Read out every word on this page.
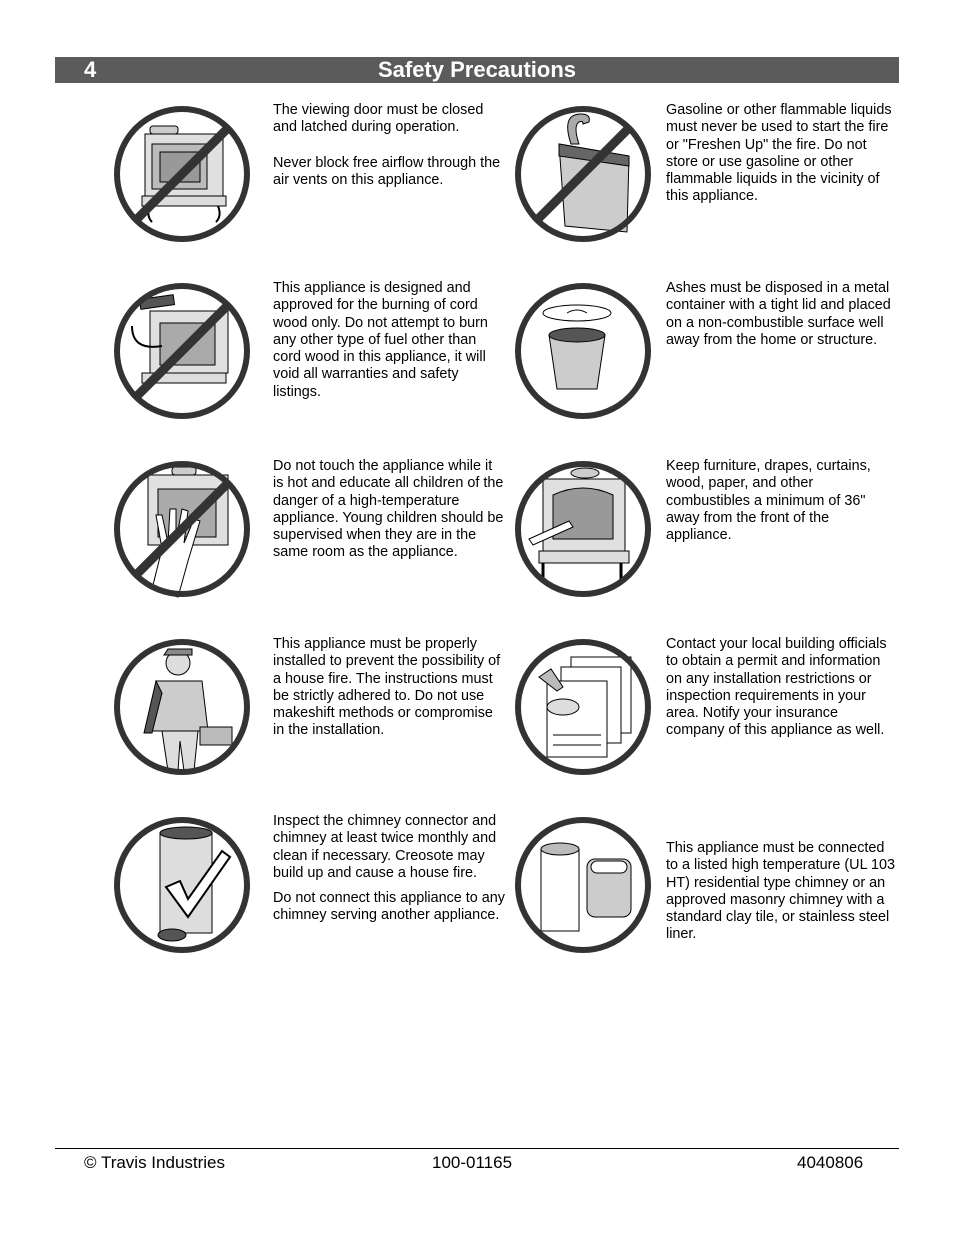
4	Safety Precautions

The viewing door must be closed and latched during operation.

Never block free airflow through the air vents on this appliance.

Gasoline or other flammable liquids must never be used to start the fire or "Freshen Up" the fire. Do not store or use gasoline or other flammable liquids in the vicinity of this appliance.

This appliance is designed and approved for the burning of cord wood only. Do not attempt to burn any other type of fuel other than cord wood in this appliance, it will void all warranties and safety listings.

Ashes must be disposed in a metal container with a tight lid and placed on a non-combustible surface well away from the home or structure.

Do not touch the appliance while it is hot and educate all children of the danger of a high-temperature appliance. Young children should be supervised when they are in the same room as the appliance.

Keep furniture, drapes, curtains, wood, paper, and other combustibles a minimum of 36" away from the front of the appliance.

This appliance must be properly installed to prevent the possibility of a house fire. The instructions must be strictly adhered to. Do not use makeshift methods or compromise in the installation.

Contact your local building officials to obtain a permit and information on any installation restrictions or inspection requirements in your area. Notify your insurance company of this appliance as well.

Inspect the chimney connector and chimney at least twice monthly and clean if necessary. Creosote may build up and cause a house fire.

Do not connect this appliance to any chimney serving another appliance.

This appliance must be connected to a listed high temperature (UL 103 HT) residential type chimney or an approved masonry chimney with a standard clay tile, or stainless steel liner.

© Travis Industries	100-01165	4040806
